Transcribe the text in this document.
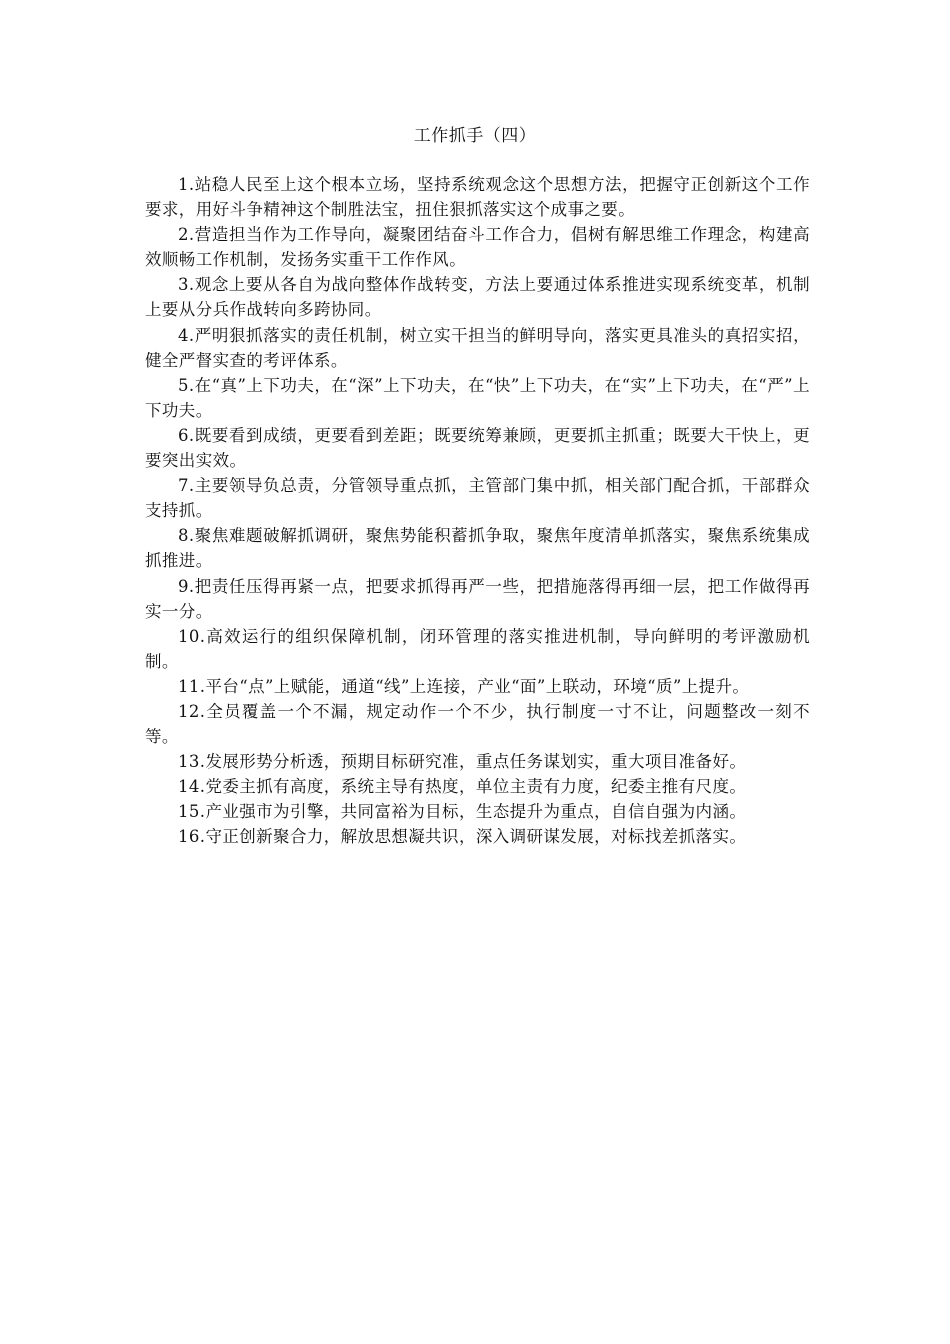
工作抓手（四）
1.站稳人民至上这个根本立场，坚持系统观念这个思想方法，把握守正创新这个工作要求，用好斗争精神这个制胜法宝，扭住狠抓落实这个成事之要。
2.营造担当作为工作导向，凝聚团结奋斗工作合力，倡树有解思维工作理念，构建高效顺畅工作机制，发扬务实重干工作作风。
3.观念上要从各自为战向整体作战转变，方法上要通过体系推进实现系统变革，机制上要从分兵作战转向多跨协同。
4.严明狠抓落实的责任机制，树立实干担当的鲜明导向，落实更具准头的真招实招，健全严督实查的考评体系。
5.在“真”上下功夫，在“深”上下功夫，在“快”上下功夫，在“实”上下功夫，在“严”上下功夫。
6.既要看到成绩，更要看到差距；既要统筹兼顾，更要抓主抓重；既要大干快上，更要突出实效。
7.主要领导负总责，分管领导重点抓，主管部门集中抓，相关部门配合抓，干部群众支持抓。
8.聚焦难题破解抓调研，聚焦势能积蓄抓争取，聚焦年度清单抓落实，聚焦系统集成抓推进。
9.把责任压得再紧一点，把要求抓得再严一些，把措施落得再细一层，把工作做得再实一分。
10.高效运行的组织保障机制，闭环管理的落实推进机制，导向鲜明的考评激励机制。
11.平台“点”上赋能，通道“线”上连接，产业“面”上联动，环境“质”上提升。
12.全员覆盖一个不漏，规定动作一个不少，执行制度一寸不让，问题整改一刻不等。
13.发展形势分析透，预期目标研究准，重点任务谋划实，重大项目准备好。
14.党委主抓有高度，系统主导有热度，单位主责有力度，纪委主推有尺度。
15.产业强市为引擎，共同富裕为目标，生态提升为重点，自信自强为内涵。
16.守正创新聚合力，解放思想凝共识，深入调研谋发展，对标找差抓落实。
